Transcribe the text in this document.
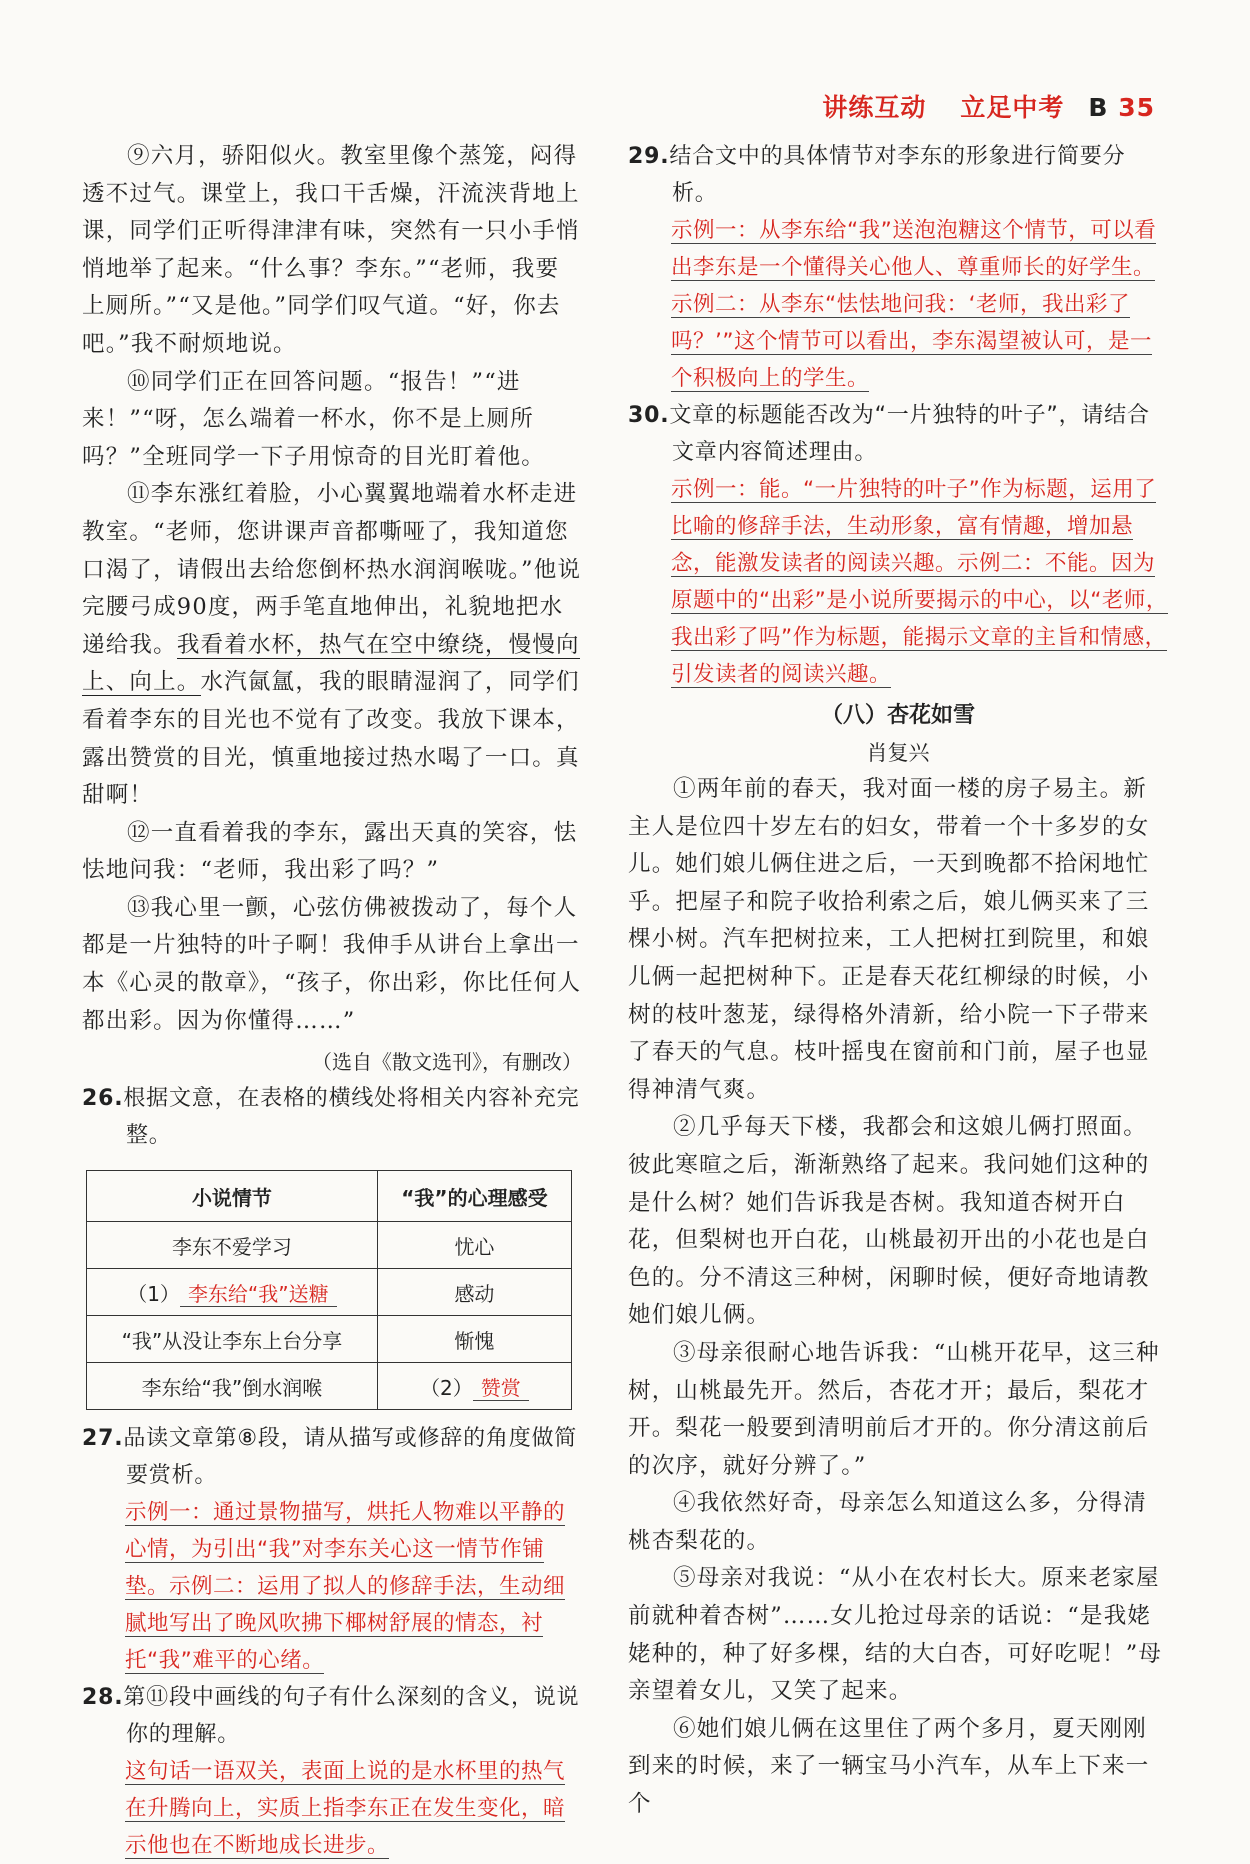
讲练互动 立足中考 B 35

⑨六月，骄阳似火。教室里像个蒸笼，闷得透不过气。课堂上，我口干舌燥，汗流浃背地上课，同学们正听得津津有味，突然有一只小手悄悄地举了起来。“什么事？李东。”“老师，我要上厕所。”“又是他。”同学们叹气道。“好，你去吧。”我不耐烦地说。

⑩同学们正在回答问题。“报告！”“进来！”“呀，怎么端着一杯水，你不是上厕所吗？”全班同学一下子用惊奇的目光盯着他。

⑪李东涨红着脸，小心翼翼地端着水杯走进教室。“老师，您讲课声音都嘶哑了，我知道您口渴了，请假出去给您倒杯热水润润喉咙。”他说完腰弓成90度，两手笔直地伸出，礼貌地把水递给我。我看着水杯，热气在空中缭绕，慢慢向上、向上。水汽氤氲，我的眼睛湿润了，同学们看着李东的目光也不觉有了改变。我放下课本，露出赞赏的目光，慎重地接过热水喝了一口。真甜啊！

⑫一直看着我的李东，露出天真的笑容，怯怯地问我：“老师，我出彩了吗？”

⑬我心里一颤，心弦仿佛被拨动了，每个人都是一片独特的叶子啊！我伸手从讲台上拿出一本《心灵的散章》，“孩子，你出彩，你比任何人都出彩。因为你懂得……”

（选自《散文选刊》，有删改）

26.根据文意，在表格的横线处将相关内容补充完整。

小说情节	“我”的心理感受
李东不爱学习	忧心
（1） 李东给“我”送糖	感动
“我”从没让李东上台分享	惭愧
李东给“我”倒水润喉	（2） 赞赏

27.品读文章第⑧段，请从描写或修辞的角度做简要赏析。

示例一：通过景物描写，烘托人物难以平静的心情，为引出“我”对李东关心这一情节作铺垫。示例二：运用了拟人的修辞手法，生动细腻地写出了晚风吹拂下椰树舒展的情态，衬托“我”难平的心绪。

28.第⑪段中画线的句子有什么深刻的含义，说说你的理解。

这句话一语双关，表面上说的是水杯里的热气在升腾向上，实质上指李东正在发生变化，暗示他也在不断地成长进步。

29.结合文中的具体情节对李东的形象进行简要分析。

示例一：从李东给“我”送泡泡糖这个情节，可以看出李东是一个懂得关心他人、尊重师长的好学生。示例二：从李东“怯怯地问我：‘老师，我出彩了吗？’”这个情节可以看出，李东渴望被认可，是一个积极向上的学生。

30.文章的标题能否改为“一片独特的叶子”，请结合文章内容简述理由。

示例一：能。“一片独特的叶子”作为标题，运用了比喻的修辞手法，生动形象，富有情趣，增加悬念，能激发读者的阅读兴趣。示例二：不能。因为原题中的“出彩”是小说所要揭示的中心，以“老师，我出彩了吗”作为标题，能揭示文章的主旨和情感，引发读者的阅读兴趣。

（八）杏花如雪

肖复兴

①两年前的春天，我对面一楼的房子易主。新主人是位四十岁左右的妇女，带着一个十多岁的女儿。她们娘儿俩住进之后，一天到晚都不拾闲地忙乎。把屋子和院子收拾利索之后，娘儿俩买来了三棵小树。汽车把树拉来，工人把树扛到院里，和娘儿俩一起把树种下。正是春天花红柳绿的时候，小树的枝叶葱茏，绿得格外清新，给小院一下子带来了春天的气息。枝叶摇曳在窗前和门前，屋子也显得神清气爽。

②几乎每天下楼，我都会和这娘儿俩打照面。彼此寒暄之后，渐渐熟络了起来。我问她们这种的是什么树？她们告诉我是杏树。我知道杏树开白花，但梨树也开白花，山桃最初开出的小花也是白色的。分不清这三种树，闲聊时候，便好奇地请教她们娘儿俩。

③母亲很耐心地告诉我：“山桃开花早，这三种树，山桃最先开。然后，杏花才开；最后，梨花才开。梨花一般要到清明前后才开的。你分清这前后的次序，就好分辨了。”

④我依然好奇，母亲怎么知道这么多，分得清桃杏梨花的。

⑤母亲对我说：“从小在农村长大。原来老家屋前就种着杏树”……女儿抢过母亲的话说：“是我姥姥种的，种了好多棵，结的大白杏，可好吃呢！”母亲望着女儿，又笑了起来。

⑥她们娘儿俩在这里住了两个多月，夏天刚刚到来的时候，来了一辆宝马小汽车，从车上下来一个
